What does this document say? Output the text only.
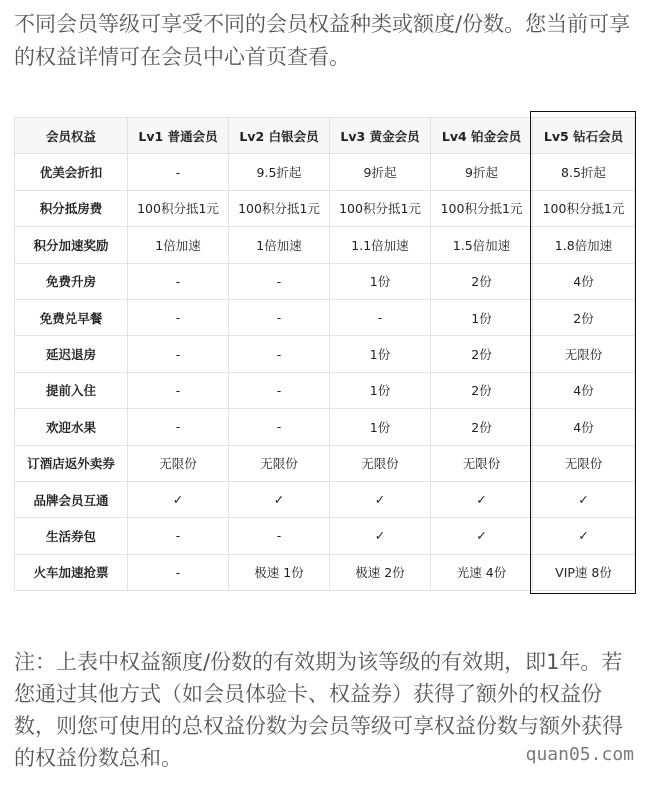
不同会员等级可享受不同的会员权益种类或额度/份数。您当前可享的权益详情可在会员中心首页查看。

会员权益	Lv1 普通会员	Lv2 白银会员	Lv3 黄金会员	Lv4 铂金会员	Lv5 钻石会员
优美会折扣	-	9.5折起	9折起	9折起	8.5折起
积分抵房费	100积分抵1元	100积分抵1元	100积分抵1元	100积分抵1元	100积分抵1元
积分加速奖励	1倍加速	1倍加速	1.1倍加速	1.5倍加速	1.8倍加速
免费升房	-	-	1份	2份	4份
免费兑早餐	-	-	-	1份	2份
延迟退房	-	-	1份	2份	无限份
提前入住	-	-	1份	2份	4份
欢迎水果	-	-	1份	2份	4份
订酒店返外卖券	无限份	无限份	无限份	无限份	无限份
品牌会员互通	✓	✓	✓	✓	✓
生活券包	-	-	✓	✓	✓
火车加速抢票	-	极速 1份	极速 2份	光速 4份	VIP速 8份

注：上表中权益额度/份数的有效期为该等级的有效期，即1年。若您通过其他方式（如会员体验卡、权益券）获得了额外的权益份数，则您可使用的总权益份数为会员等级可享权益份数与额外获得的权益份数总和。	quan05.com
